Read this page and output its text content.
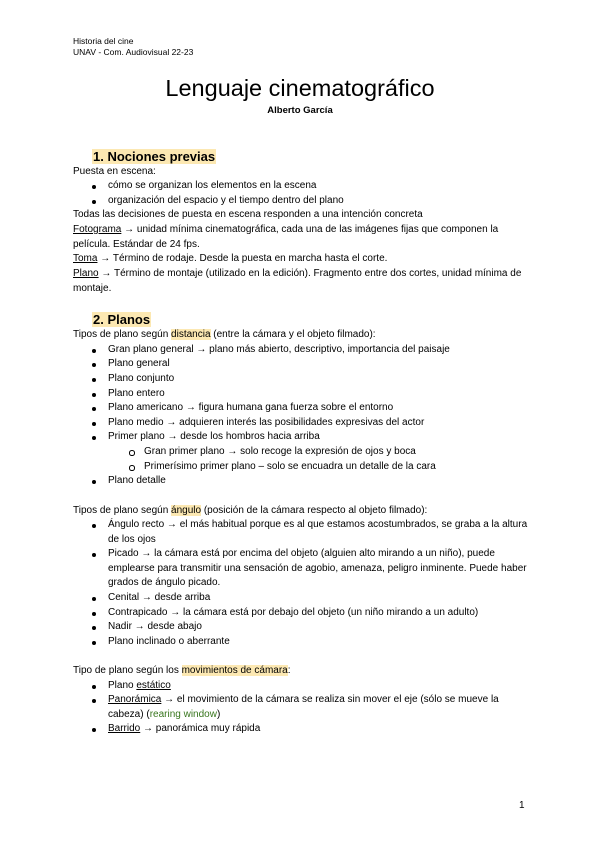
Historia del cine
UNAV - Com. Audiovisual 22-23
Lenguaje cinematográfico
Alberto García
1. Nociones previas
Puesta en escena:
cómo se organizan los elementos en la escena
organización del espacio y el tiempo dentro del plano
Todas las decisiones de puesta en escena responden a una intención concreta
Fotograma → unidad mínima cinematográfica, cada una de las imágenes fijas que componen la película. Estándar de 24 fps.
Toma → Término de rodaje. Desde la puesta en marcha hasta el corte.
Plano → Término de montaje (utilizado en la edición). Fragmento entre dos cortes, unidad mínima de montaje.
2. Planos
Tipos de plano según distancia (entre la cámara y el objeto filmado):
Gran plano general → plano más abierto, descriptivo, importancia del paisaje
Plano general
Plano conjunto
Plano entero
Plano americano → figura humana gana fuerza sobre el entorno
Plano medio → adquieren interés las posibilidades expresivas del actor
Primer plano → desde los hombros hacia arriba
Gran primer plano → solo recoge la expresión de ojos y boca
Primerísimo primer plano – solo se encuadra un detalle de la cara
Plano detalle
Tipos de plano según ángulo (posición de la cámara respecto al objeto filmado):
Ángulo recto → el más habitual porque es al que estamos acostumbrados, se graba a la altura de los ojos
Picado → la cámara está por encima del objeto (alguien alto mirando a un niño), puede emplearse para transmitir una sensación de agobio, amenaza, peligro inminente. Puede haber grados de ángulo picado.
Cenital → desde arriba
Contrapicado → la cámara está por debajo del objeto (un niño mirando a un adulto)
Nadir → desde abajo
Plano inclinado o aberrante
Tipo de plano según los movimientos de cámara:
Plano estático
Panorámica → el movimiento de la cámara se realiza sin mover el eje (sólo se mueve la cabeza) (rearing window)
Barrido → panorámica muy rápida
1
